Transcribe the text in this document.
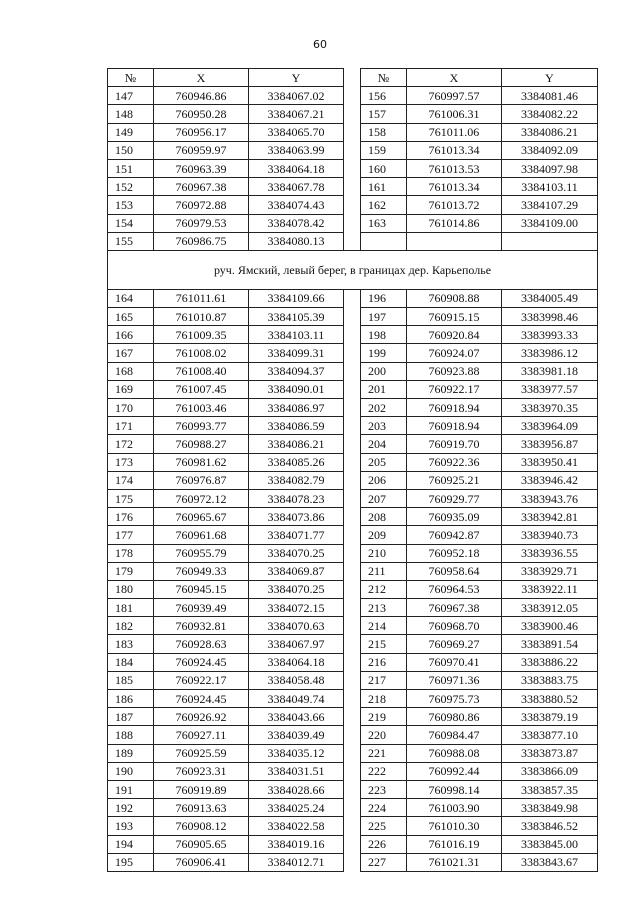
60
№	X	Y		№	X	Y
147	760946.86	3384067.02		156	760997.57	3384081.46
148	760950.28	3384067.21		157	761006.31	3384082.22
149	760956.17	3384065.70		158	761011.06	3384086.21
150	760959.97	3384063.99		159	761013.34	3384092.09
151	760963.39	3384064.18		160	761013.53	3384097.98
152	760967.38	3384067.78		161	761013.34	3384103.11
153	760972.88	3384074.43		162	761013.72	3384107.29
154	760979.53	3384078.42		163	761014.86	3384109.00
155	760986.75	3384080.13				
руч. Ямский, левый берег, в границах дер. Карьеполье						
164	761011.61	3384109.66		196	760908.88	3384005.49
165	761010.87	3384105.39		197	760915.15	3383998.46
166	761009.35	3384103.11		198	760920.84	3383993.33
167	761008.02	3384099.31		199	760924.07	3383986.12
168	761008.40	3384094.37		200	760923.88	3383981.18
169	761007.45	3384090.01		201	760922.17	3383977.57
170	761003.46	3384086.97		202	760918.94	3383970.35
171	760993.77	3384086.59		203	760918.94	3383964.09
172	760988.27	3384086.21		204	760919.70	3383956.87
173	760981.62	3384085.26		205	760922.36	3383950.41
174	760976.87	3384082.79		206	760925.21	3383946.42
175	760972.12	3384078.23		207	760929.77	3383943.76
176	760965.67	3384073.86		208	760935.09	3383942.81
177	760961.68	3384071.77		209	760942.87	3383940.73
178	760955.79	3384070.25		210	760952.18	3383936.55
179	760949.33	3384069.87		211	760958.64	3383929.71
180	760945.15	3384070.25		212	760964.53	3383922.11
181	760939.49	3384072.15		213	760967.38	3383912.05
182	760932.81	3384070.63		214	760968.70	3383900.46
183	760928.63	3384067.97		215	760969.27	3383891.54
184	760924.45	3384064.18		216	760970.41	3383886.22
185	760922.17	3384058.48		217	760971.36	3383883.75
186	760924.45	3384049.74		218	760975.73	3383880.52
187	760926.92	3384043.66		219	760980.86	3383879.19
188	760927.11	3384039.49		220	760984.47	3383877.10
189	760925.59	3384035.12		221	760988.08	3383873.87
190	760923.31	3384031.51		222	760992.44	3383866.09
191	760919.89	3384028.66		223	760998.14	3383857.35
192	760913.63	3384025.24		224	761003.90	3383849.98
193	760908.12	3384022.58		225	761010.30	3383846.52
194	760905.65	3384019.16		226	761016.19	3383845.00
195	760906.41	3384012.71		227	761021.31	3383843.67
